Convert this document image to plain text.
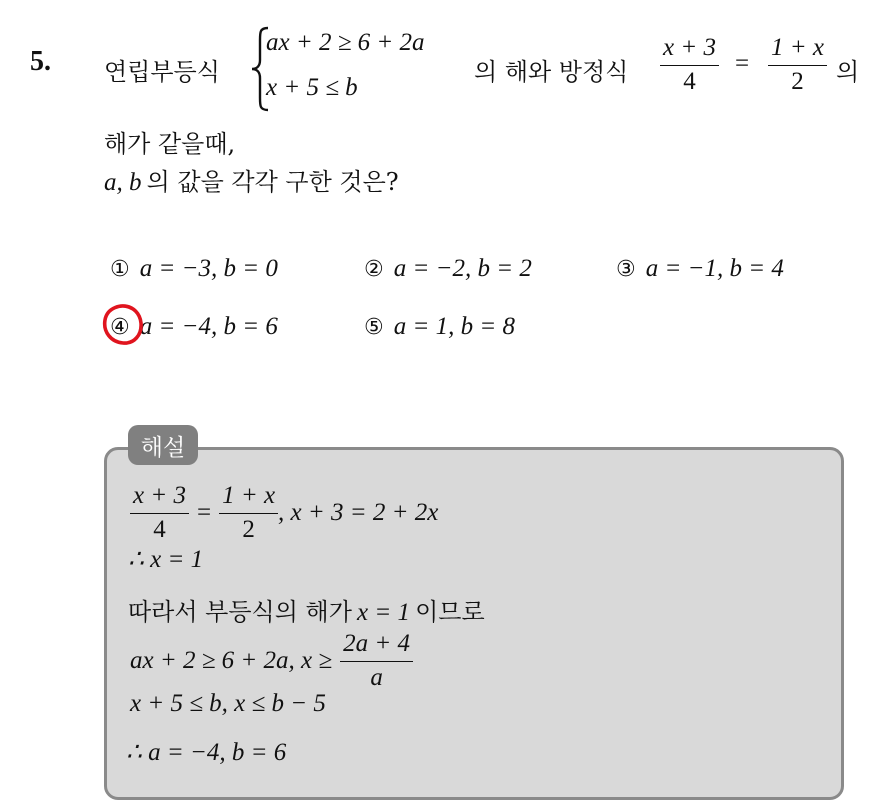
5. 연립부등식
ax + 2 ≥ 6 + 2a
x + 5 ≤ b
의 해와 방정식 $\frac{x + 3}{4} = \frac{1 + x}{2}$ 의
해가 같을때,
a, b 의 값을 각각 구한 것은?
① a = −3, b = 0	② a = −2, b = 2	③ a = −1, b = 4
④ a = −4, b = 6	⑤ a = 1, b = 8
해설
$\frac{x + 3}{4} = \frac{1 + x}{2}$ , x + 3 = 2 + 2x
∴ x = 1
따라서 부등식의 해가 x = 1 이므로
ax + 2 ≥ 6 + 2a, $x \ge \frac{2a + 4}{a}$
x + 5 ≤ b, x ≤ b − 5
∴ a = −4, b = 6
